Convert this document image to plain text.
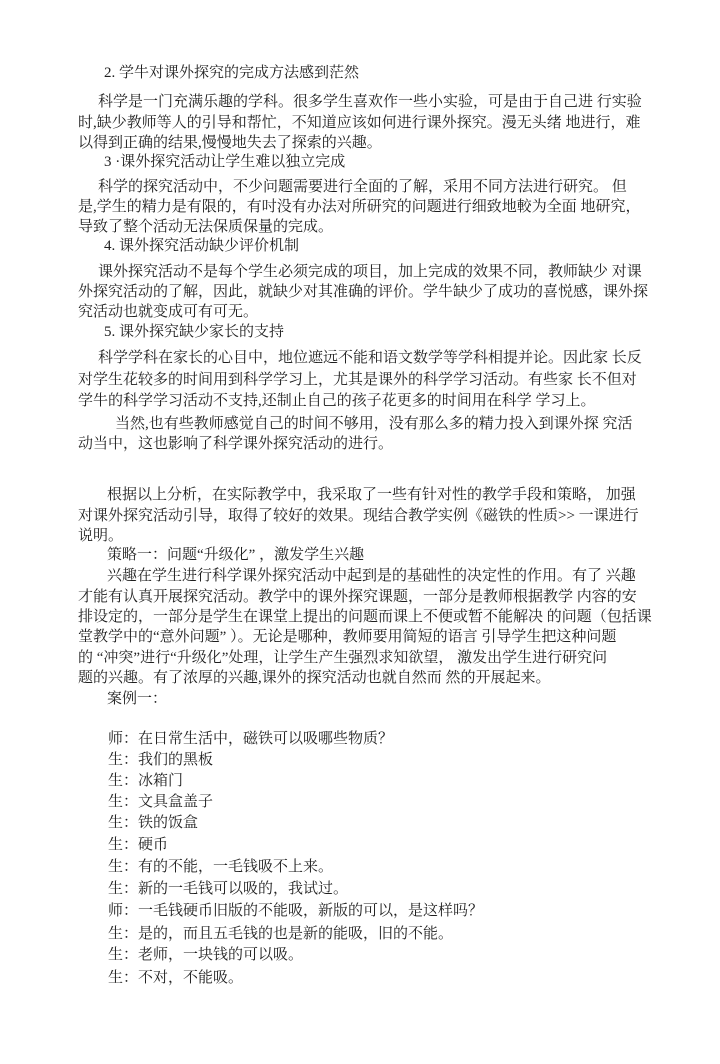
2. 学牛对课外探究的完成方法感到茫然
科学是一门充满乐趣的学科。很多学生喜欢作一些小实验，可是由于自己进 行实验
时,缺少教师等人的引导和帮忙，不知道应该如何进行课外探究。漫无头绪 地进行，难
以得到正确的结果,慢慢地失去了探索的兴趣。
3 ·课外探究活动让学生难以独立完成
科学的探究活动中，不少问题需要进行全面的了解，采用不同方法进行研究。 但
是,学生的精力是有限的，有吋没有办法对所研究的问题进行细致地較为全面 地研究，
导致了整个活动无法保质保量的完成。
4. 课外探究活动缺少评价机制
课外探究活动不是每个学生必须完成的项目，加上完成的效果不同，教师缺少 对课
外探究活动的了解，因此，就缺少对其准确的评价。学牛缺少了成功的喜悦感，课外探
究活动也就变成可有可无。
5. 课外探究缺少家长的支持
科学学科在家长的心目中，地位遮远不能和语文数学等学科相提并论。因此家 长反
对学生花较多的时间用到科学学习上，尤其是课外的科学学习活动。有些家 长不但对
学牛的科学学习活动不支持,还制止自己的孩子花更多的时间用在科学 学习上。
当然,也有些教师感觉自己的时间不够用，没有那么多的精力投入到课外探 究活
动当中，这也影响了科学课外探究活动的进行。
根据以上分析，在实际教学中，我采取了一些有针对性的教学手段和策略， 加强
对课外探究活动引导，取得了较好的效果。现结合教学实例《磁铁的性质>> 一课进行
说明。
策略一：问题“升级化” ，激发学生兴趣
兴趣在学生进行科学课外探究活动中起到是的基础性的决定性的作用。有了 兴趣
才能有认真开展探究活动。教学中的课外探究课题，一部分是教师根据教学 内容的安
排设定的，一部分是学生在课堂上提出的问题而课上不便或暂不能解决 的问题（包括课
堂教学中的“意外问题” ）。无论是哪种，教师要用简短的语言 引导学生把这种问题
的 “冲突”进行“升级化”处理，让学生产生强烈求知欲望， 激发出学生进行研究问
题的兴趣。有了浓厚的兴趣,课外的探究活动也就自然而 然的开展起来。
案例一：
师：在日常生活中，磁铁可以吸哪些物质？
生：我们的黑板
生：冰箱门
生：文具盒盖子
生：铁的饭盒
生：硬币
生：有的不能，一毛钱吸不上来。
生：新的一毛钱可以吸的，我试过。
师：一毛钱硬币旧版的不能吸，新版的可以，是这样吗？
生：是的，而且五毛钱的也是新的能吸，旧的不能。
生：老师，一块钱的可以吸。
生：不对，不能吸。
